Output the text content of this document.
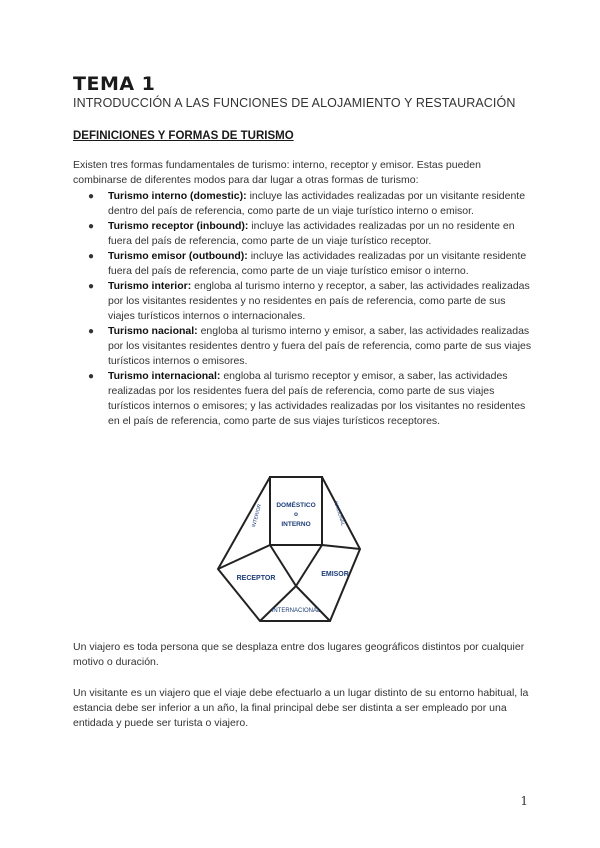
TEMA 1
INTRODUCCIÓN A LAS FUNCIONES DE ALOJAMIENTO Y RESTAURACIÓN
DEFINICIONES Y FORMAS DE TURISMO
Existen tres formas fundamentales de turismo: interno, receptor y emisor. Estas pueden combinarse de diferentes modos para dar lugar a otras formas de turismo:
● Turismo interno (domestic): incluye las actividades realizadas por un visitante residente dentro del país de referencia, como parte de un viaje turístico interno o emisor.
● Turismo receptor (inbound): incluye las actividades realizadas por un no residente en fuera del país de referencia, como parte de un viaje turístico receptor.
● Turismo emisor (outbound): incluye las actividades realizadas por un visitante residente fuera del país de referencia, como parte de un viaje turístico emisor o interno.
● Turismo interior: engloba al turismo interno y receptor, a saber, las actividades realizadas por los visitantes residentes y no residentes en país de referencia, como parte de sus viajes turísticos internos o internacionales.
● Turismo nacional: engloba al turismo interno y emisor, a saber, las actividades realizadas por los visitantes residentes dentro y fuera del país de referencia, como parte de sus viajes turísticos internos o emisores.
● Turismo internacional: engloba al turismo receptor y emisor, a saber, las actividades realizadas por los residentes fuera del país de referencia, como parte de sus viajes turísticos internos o emisores; y las actividades realizadas por los visitantes no residentes en el país de referencia, como parte de sus viajes turísticos receptores.
DOMÉSTICO
o
INTERNO
INTERIOR	NACIONAL
RECEPTOR
EMISOR
INTERNACIONAL
Un viajero es toda persona que se desplaza entre dos lugares geográficos distintos por cualquier motivo o duración.
Un visitante es un viajero que el viaje debe efectuarlo a un lugar distinto de su entorno habitual, la estancia debe ser inferior a un año, la final principal debe ser distinta a ser empleado por una entidada y puede ser turista o viajero.
1
